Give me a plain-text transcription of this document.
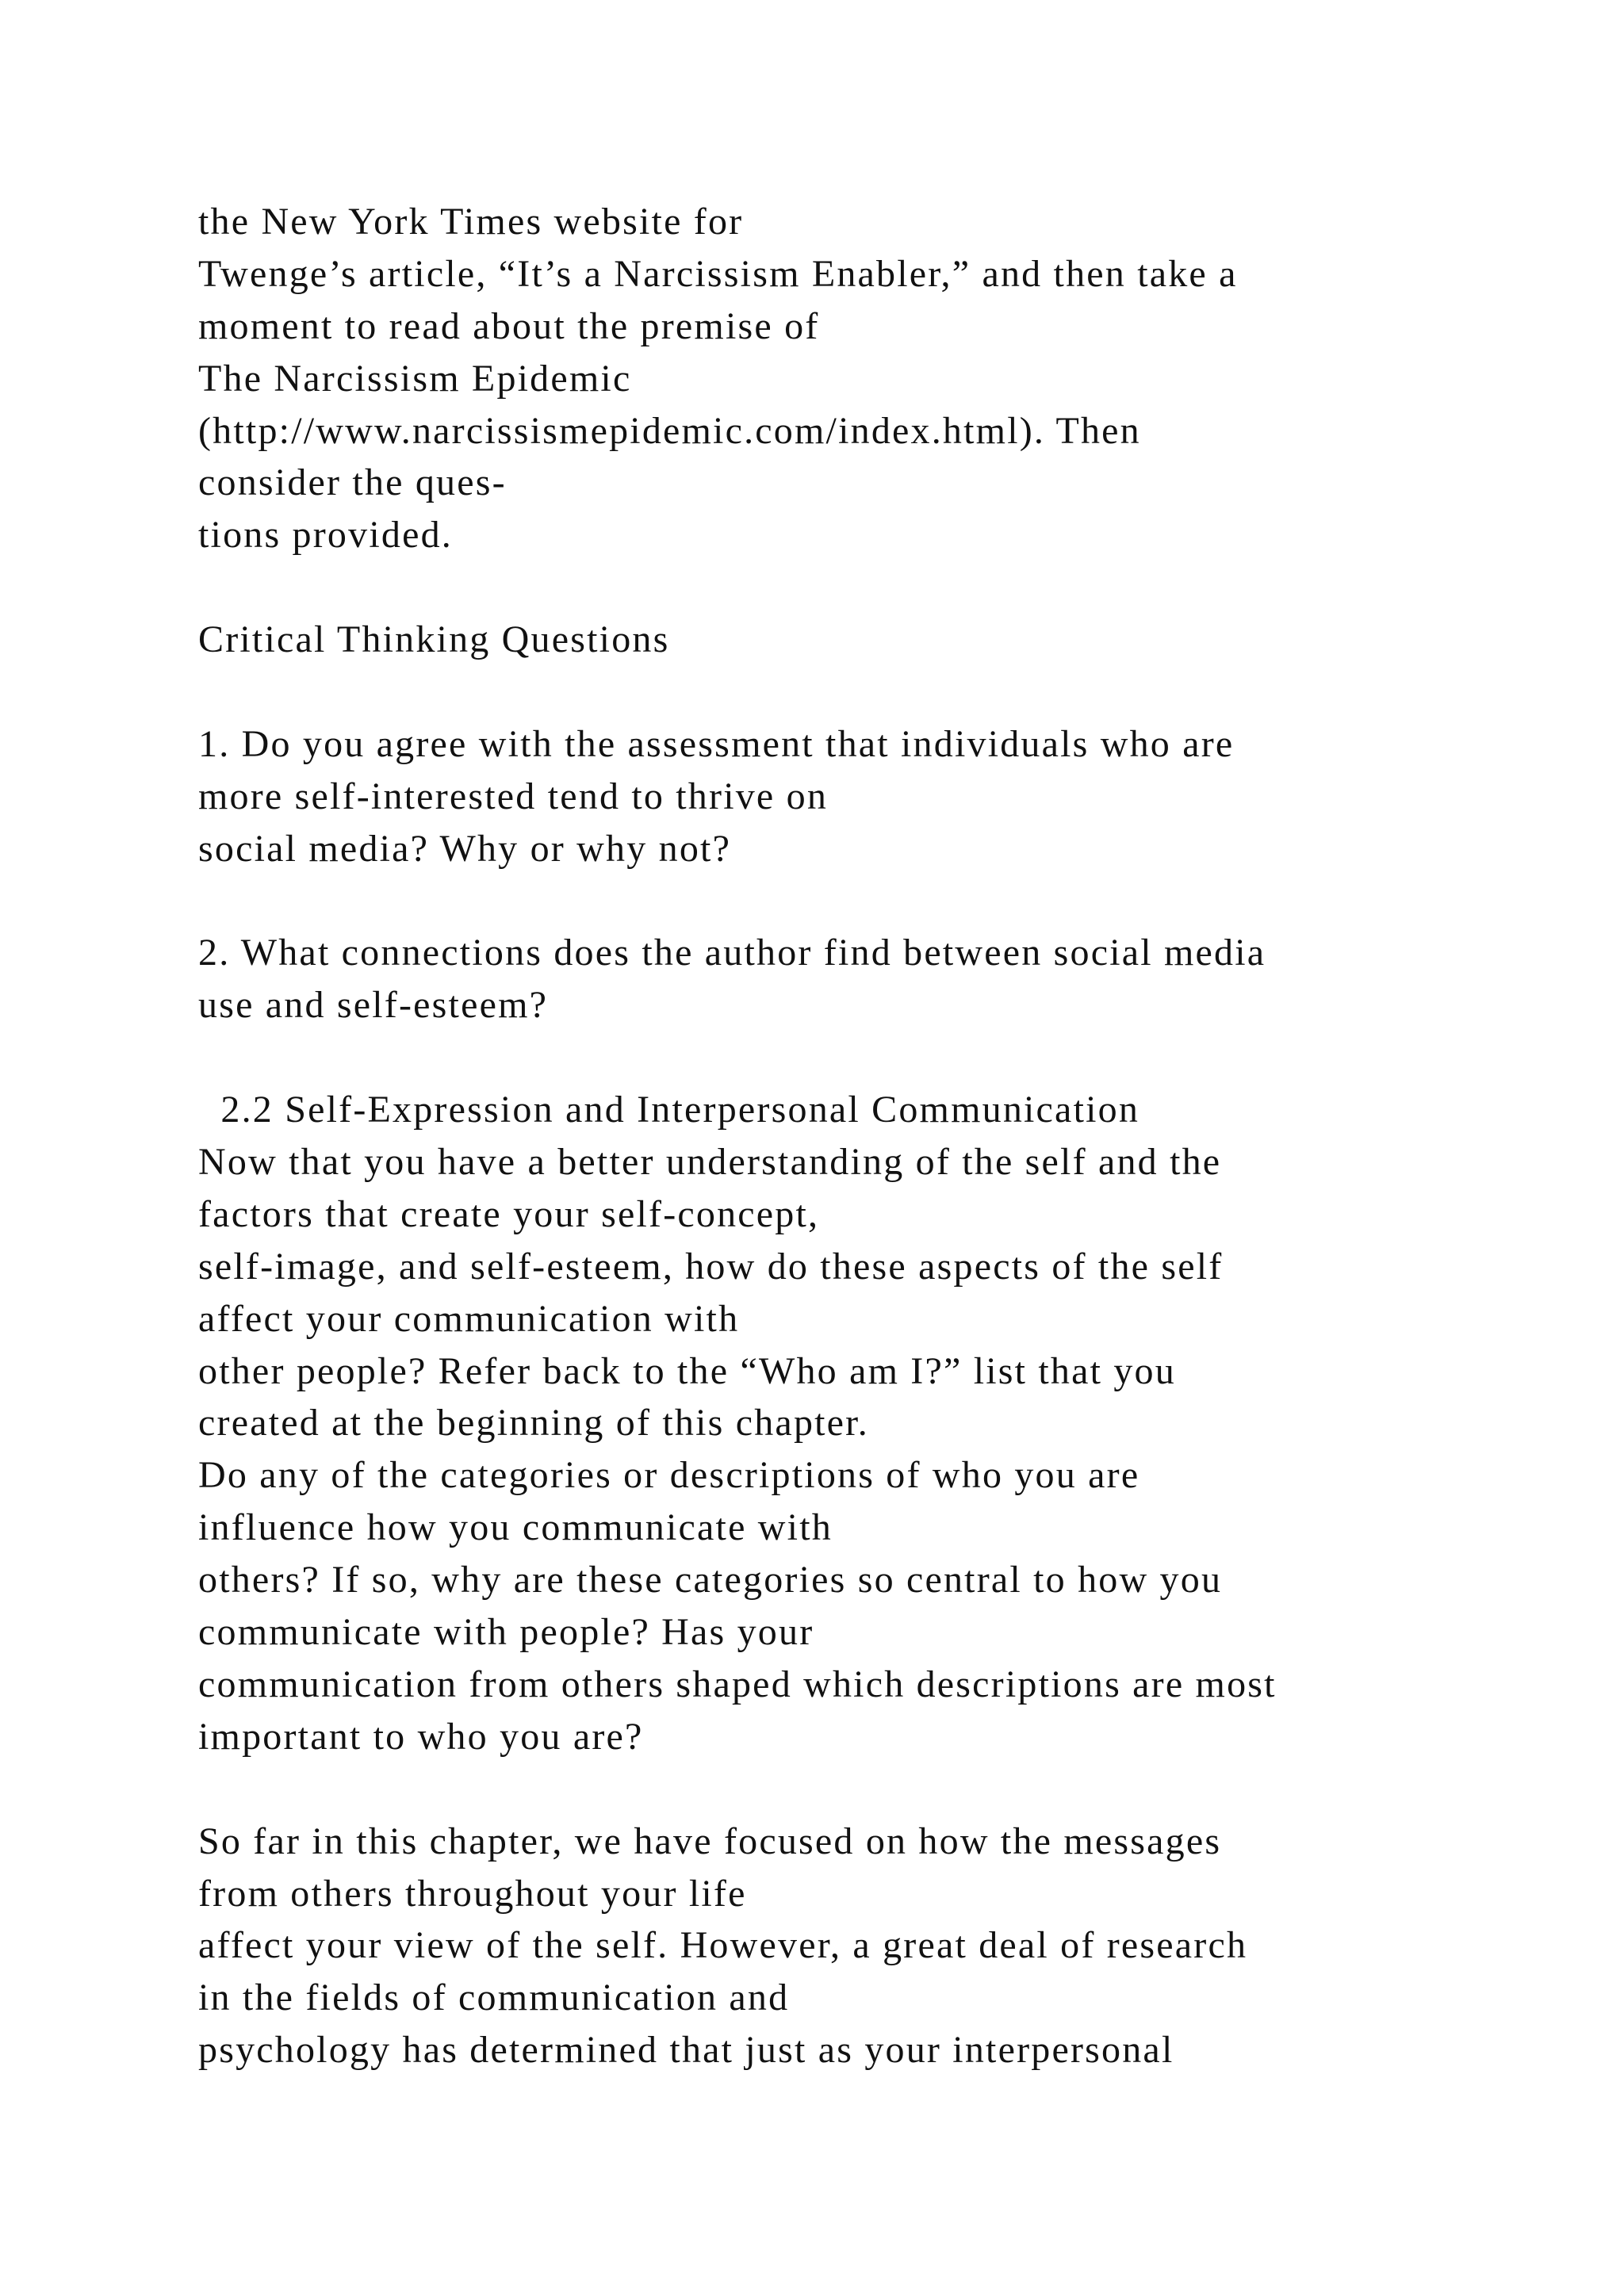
the New York Times website for
Twenge’s article, “It’s a Narcissism Enabler,” and then take a
moment to read about the premise of
The Narcissism Epidemic
(http://www.narcissismepidemic.com/index.html). Then
consider the ques-
tions provided.
Critical Thinking Questions
1. Do you agree with the assessment that individuals who are
more self-interested tend to thrive on
social media? Why or why not?
2. What connections does the author find between social media
use and self-esteem?
2.2 Self-Expression and Interpersonal Communication
Now that you have a better understanding of the self and the
factors that create your self-concept,
self-image, and self-esteem, how do these aspects of the self
affect your communication with
other people? Refer back to the “Who am I?” list that you
created at the beginning of this chapter.
Do any of the categories or descriptions of who you are
influence how you communicate with
others? If so, why are these categories so central to how you
communicate with people? Has your
communication from others shaped which descriptions are most
important to who you are?
So far in this chapter, we have focused on how the messages
from others throughout your life
affect your view of the self. However, a great deal of research
in the fields of communication and
psychology has determined that just as your interpersonal
